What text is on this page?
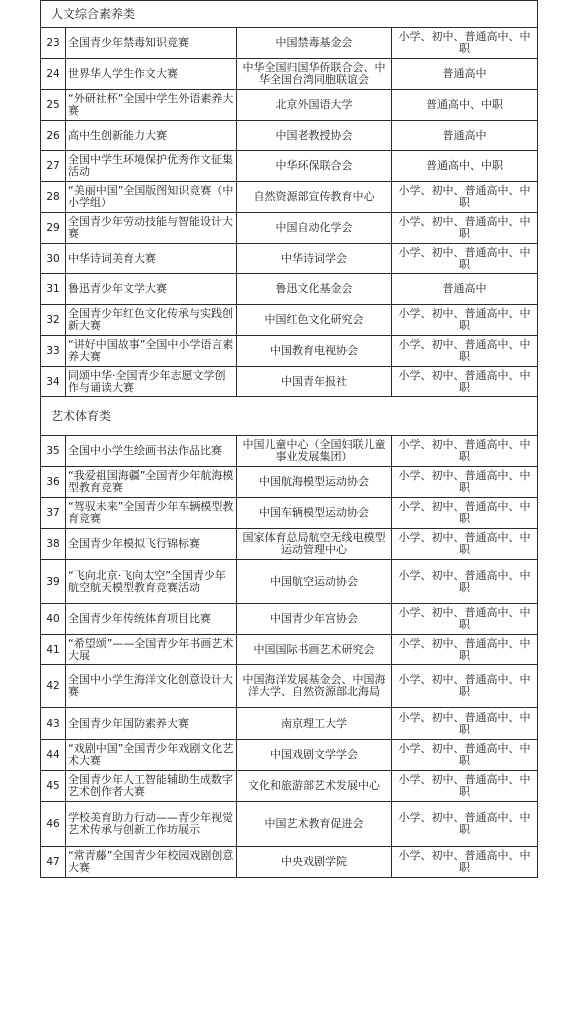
人文综合素养类			
23	全国青少年禁毒知识竞赛	中国禁毒基金会	小学、初中、普通高中、中职
24	世界华人学生作文大赛	中华全国归国华侨联合会、中华全国台湾同胞联谊会	普通高中
25	“外研社杯”全国中学生外语素养大赛	北京外国语大学	普通高中、中职
26	高中生创新能力大赛	中国老教授协会	普通高中
27	全国中学生环境保护优秀作文征集活动	中华环保联合会	普通高中、中职
28	“美丽中国”全国版图知识竞赛（中小学组）	自然资源部宣传教育中心	小学、初中、普通高中、中职
29	全国青少年劳动技能与智能设计大赛	中国自动化学会	小学、初中、普通高中、中职
30	中华诗词美育大赛	中华诗词学会	小学、初中、普通高中、中职
31	鲁迅青少年文学大赛	鲁迅文化基金会	普通高中
32	全国青少年红色文化传承与实践创新大赛	中国红色文化研究会	小学、初中、普通高中、中职
33	“讲好中国故事”全国中小学语言素养大赛	中国教育电视协会	小学、初中、普通高中、中职
34	同颂中华·全国青少年志愿文学创作与诵读大赛	中国青年报社	小学、初中、普通高中、中职
艺术体育类			
35	全国中小学生绘画书法作品比赛	中国儿童中心（全国妇联儿童事业发展集团）	小学、初中、普通高中、中职
36	“我爱祖国海疆”全国青少年航海模型教育竞赛	中国航海模型运动协会	小学、初中、普通高中、中职
37	“驾驭未来”全国青少年车辆模型教育竞赛	中国车辆模型运动协会	小学、初中、普通高中、中职
38	全国青少年模拟飞行锦标赛	国家体育总局航空无线电模型运动管理中心	小学、初中、普通高中、中职
39	“飞向北京·飞向太空”全国青少年航空航天模型教育竞赛活动	中国航空运动协会	小学、初中、普通高中、中职
40	全国青少年传统体育项目比赛	中国青少年宫协会	小学、初中、普通高中、中职
41	“希望颂”——全国青少年书画艺术大展	中国国际书画艺术研究会	小学、初中、普通高中、中职
42	全国中小学生海洋文化创意设计大赛	中国海洋发展基金会、中国海洋大学、自然资源部北海局	小学、初中、普通高中、中职
43	全国青少年国防素养大赛	南京理工大学	小学、初中、普通高中、中职
44	“戏剧中国”全国青少年戏剧文化艺术大赛	中国戏剧文学学会	小学、初中、普通高中、中职
45	全国青少年人工智能辅助生成数字艺术创作者大赛	文化和旅游部艺术发展中心	小学、初中、普通高中、中职
46	学校美育助力行动——青少年视觉艺术传承与创新工作坊展示	中国艺术教育促进会	小学、初中、普通高中、中职
47	“常青藤”全国青少年校园戏剧创意大赛	中央戏剧学院	小学、初中、普通高中、中职
